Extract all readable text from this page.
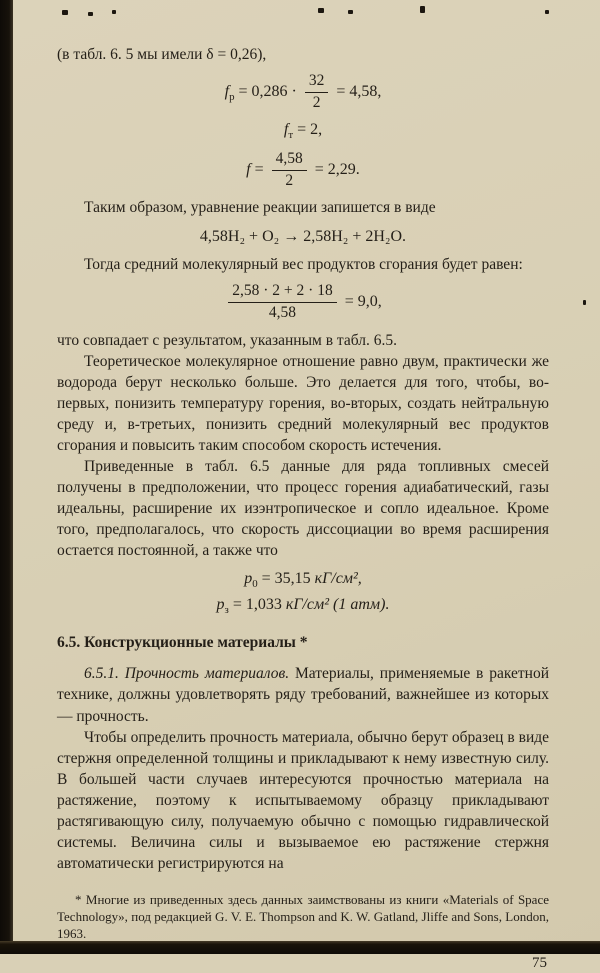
(в табл. 6. 5 мы имели δ = 0,26),

$f_р = 0,286 \cdot \frac{32}{2} = 4,58$,
$f_т = 2$,
$f = \frac{4,58}{2} = 2,29$.

Таким образом, уравнение реакции запишется в виде

4,58H₂ + O₂ → 2,58H₂ + 2H₂O.

Тогда средний молекулярный вес продуктов сгорания будет равен:

$\frac{2,58 \cdot 2 + 2 \cdot 18}{4,58} = 9,0$,

что совпадает с результатом, указанным в табл. 6.5.

Теоретическое молекулярное отношение равно двум, практически же водорода берут несколько больше. Это делается для того, чтобы, во-первых, понизить температуру горения, во-вторых, создать нейтральную среду и, в-третьих, понизить средний молекулярный вес продуктов сгорания и повысить таким способом скорость истечения.

Приведенные в табл. 6.5 данные для ряда топливных смесей получены в предположении, что процесс горения адиабатический, газы идеальны, расширение их изэнтропическое и сопло идеальное. Кроме того, предполагалось, что скорость диссоциации во время расширения остается постоянной, а также что

$p_0 = 35,15$ кГ/см²,
$p_з = 1,033$ кГ/см² (1 атм).

6.5. Конструкционные материалы *

6.5.1. Прочность материалов. Материалы, применяемые в ракетной технике, должны удовлетворять ряду требований, важнейшее из которых — прочность.

Чтобы определить прочность материала, обычно берут образец в виде стержня определенной толщины и прикладывают к нему известную силу. В большей части случаев интересуются прочностью материала на растяжение, поэтому к испытываемому образцу прикладывают растягивающую силу, получаемую обычно с помощью гидравлической системы. Величина силы и вызываемое ею растяжение стержня автоматически регистрируются на

* Многие из приведенных здесь данных заимствованы из книги «Materials of Space Technology», под редакцией G. V. E. Thompson and K. W. Gatland, Jliffe and Sons, London, 1963.

75
